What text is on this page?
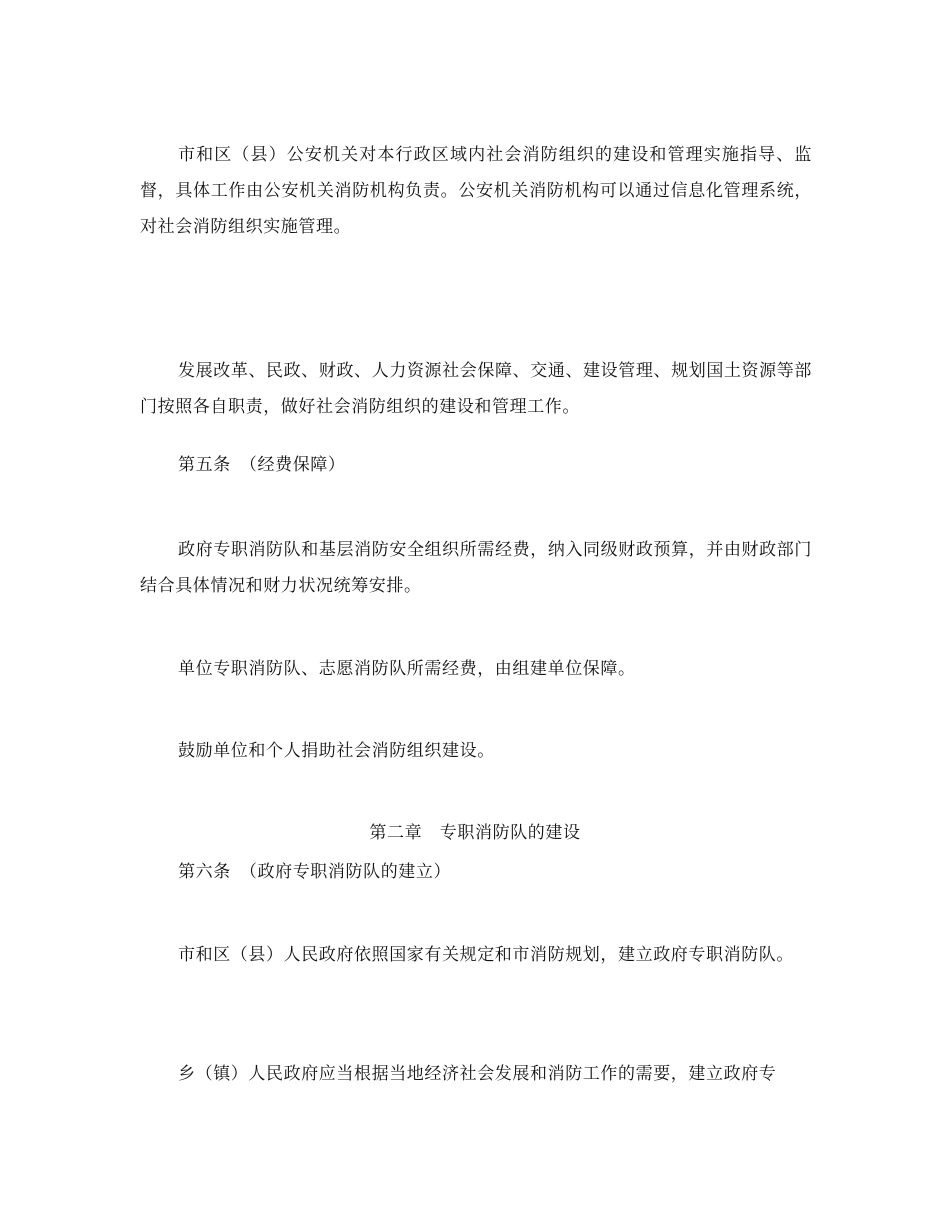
市和区（县）公安机关对本行政区域内社会消防组织的建设和管理实施指导、监督，具体工作由公安机关消防机构负责。公安机关消防机构可以通过信息化管理系统，对社会消防组织实施管理。

发展改革、民政、财政、人力资源社会保障、交通、建设管理、规划国土资源等部门按照各自职责，做好社会消防组织的建设和管理工作。

第五条　（经费保障）

政府专职消防队和基层消防安全组织所需经费，纳入同级财政预算，并由财政部门结合具体情况和财力状况统筹安排。

单位专职消防队、志愿消防队所需经费，由组建单位保障。

鼓励单位和个人捐助社会消防组织建设。

第二章　专职消防队的建设

第六条　（政府专职消防队的建立）

市和区（县）人民政府依照国家有关规定和市消防规划，建立政府专职消防队。

乡（镇）人民政府应当根据当地经济社会发展和消防工作的需要，建立政府专
